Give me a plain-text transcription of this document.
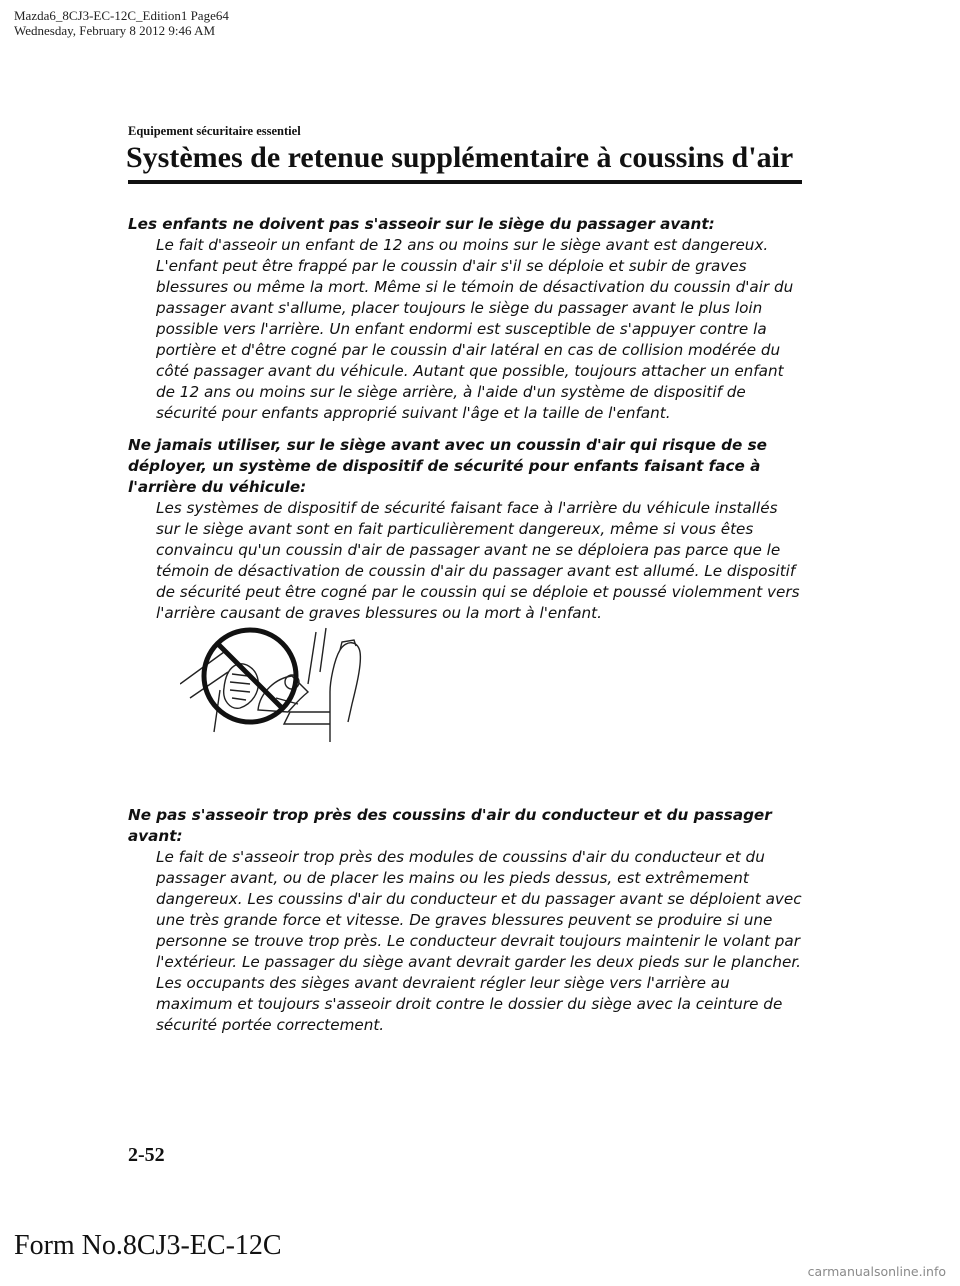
Mazda6_8CJ3-EC-12C_Edition1 Page64
Wednesday, February 8 2012 9:46 AM
Equipement sécuritaire essentiel
Systèmes de retenue supplémentaire à coussins d'air

Les enfants ne doivent pas s'asseoir sur le siège du passager avant:

Le fait d'asseoir un enfant de 12 ans ou moins sur le siège avant est dangereux. L'enfant peut être frappé par le coussin d'air s'il se déploie et subir de graves blessures ou même la mort. Même si le témoin de désactivation du coussin d'air du passager avant s'allume, placer toujours le siège du passager avant le plus loin possible vers l'arrière. Un enfant endormi est susceptible de s'appuyer contre la portière et d'être cogné par le coussin d'air latéral en cas de collision modérée du côté passager avant du véhicule. Autant que possible, toujours attacher un enfant de 12 ans ou moins sur le siège arrière, à l'aide d'un système de dispositif de sécurité pour enfants approprié suivant l'âge et la taille de l'enfant.

Ne jamais utiliser, sur le siège avant avec un coussin d'air qui risque de se déployer, un système de dispositif de sécurité pour enfants faisant face à l'arrière du véhicule:

Les systèmes de dispositif de sécurité faisant face à l'arrière du véhicule installés sur le siège avant sont en fait particulièrement dangereux, même si vous êtes convaincu qu'un coussin d'air de passager avant ne se déploiera pas parce que le témoin de désactivation de coussin d'air du passager avant est allumé. Le dispositif de sécurité peut être cogné par le coussin qui se déploie et poussé violemment vers l'arrière causant de graves blessures ou la mort à l'enfant.

Ne pas s'asseoir trop près des coussins d'air du conducteur et du passager avant:

Le fait de s'asseoir trop près des modules de coussins d'air du conducteur et du passager avant, ou de placer les mains ou les pieds dessus, est extrêmement dangereux. Les coussins d'air du conducteur et du passager avant se déploient avec une très grande force et vitesse. De graves blessures peuvent se produire si une personne se trouve trop près. Le conducteur devrait toujours maintenir le volant par l'extérieur. Le passager du siège avant devrait garder les deux pieds sur le plancher. Les occupants des sièges avant devraient régler leur siège vers l'arrière au maximum et toujours s'asseoir droit contre le dossier du siège avec la ceinture de sécurité portée correctement.

2-52
Form No.8CJ3-EC-12C
carmanualsonline.info
